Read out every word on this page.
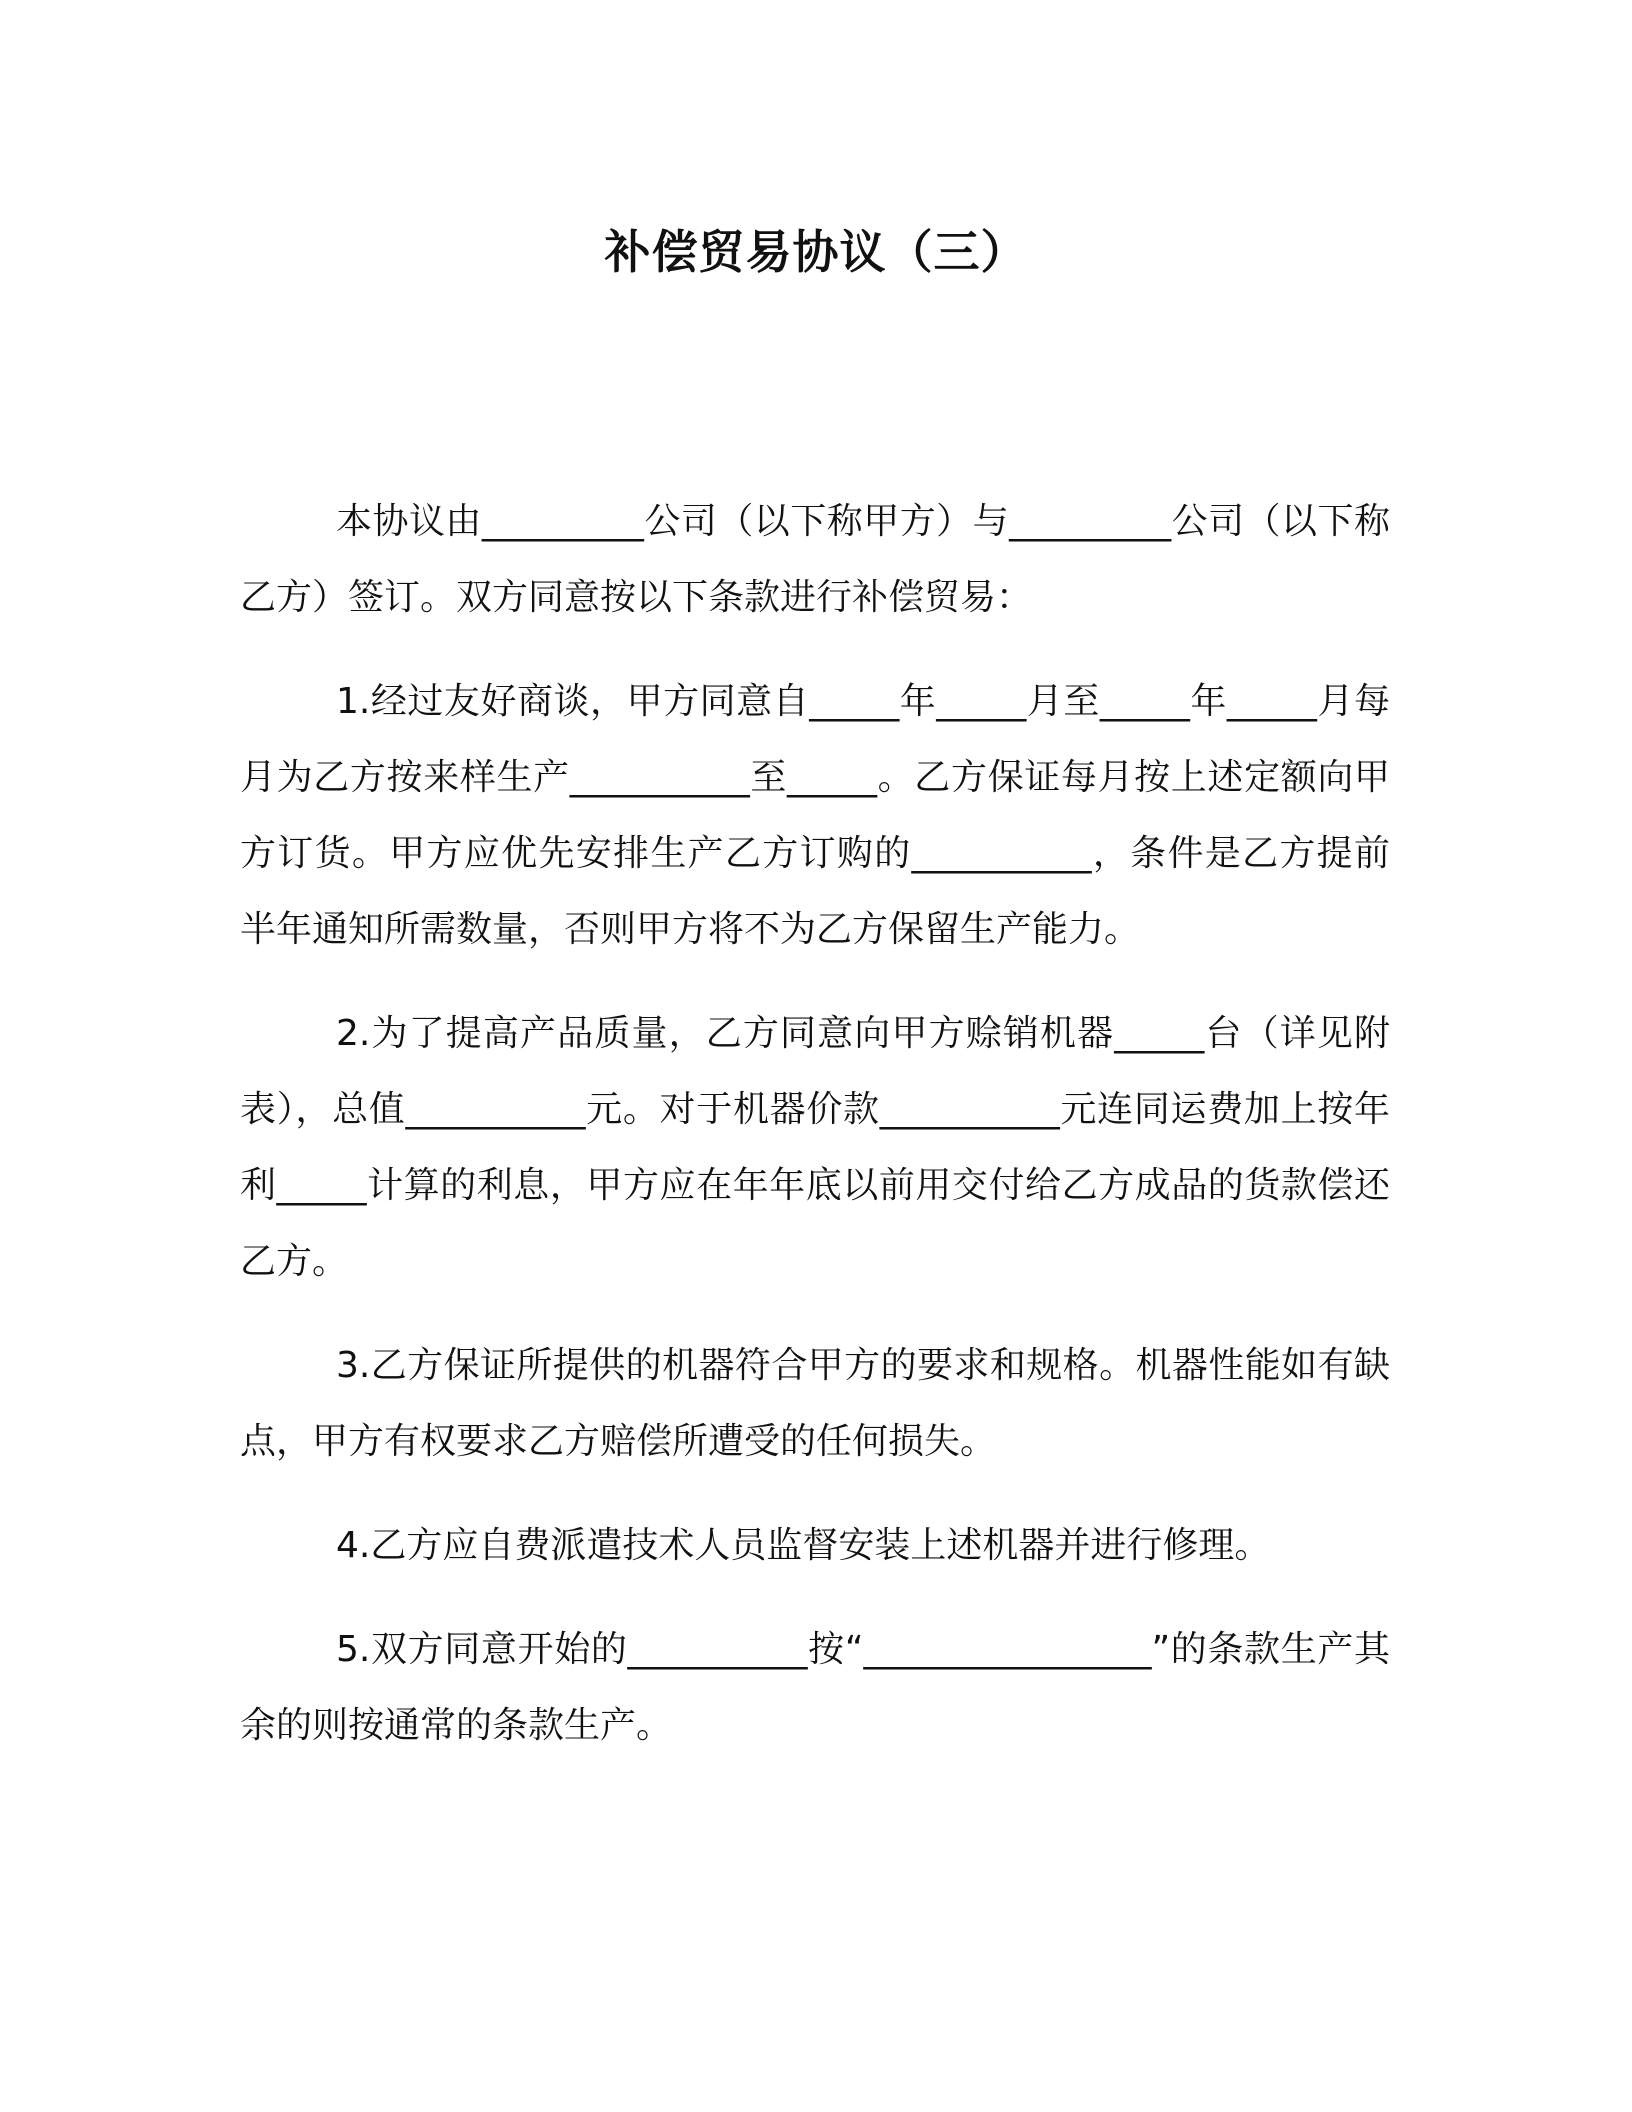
补偿贸易协议（三）

本协议由_________公司（以下称甲方）与_________公司（以下称乙方）签订。双方同意按以下条款进行补偿贸易：

1.经过友好商谈，甲方同意自_____年_____月至_____年_____月每月为乙方按来样生产__________至_____。乙方保证每月按上述定额向甲方订货。甲方应优先安排生产乙方订购的__________，条件是乙方提前半年通知所需数量，否则甲方将不为乙方保留生产能力。

2.为了提高产品质量，乙方同意向甲方赊销机器_____台（详见附表），总值__________元。对于机器价款__________元连同运费加上按年利_____计算的利息，甲方应在年年底以前用交付给乙方成品的货款偿还乙方。

3.乙方保证所提供的机器符合甲方的要求和规格。机器性能如有缺点，甲方有权要求乙方赔偿所遭受的任何损失。

4.乙方应自费派遣技术人员监督安装上述机器并进行修理。

5.双方同意开始的__________按“________________”的条款生产其余的则按通常的条款生产。
